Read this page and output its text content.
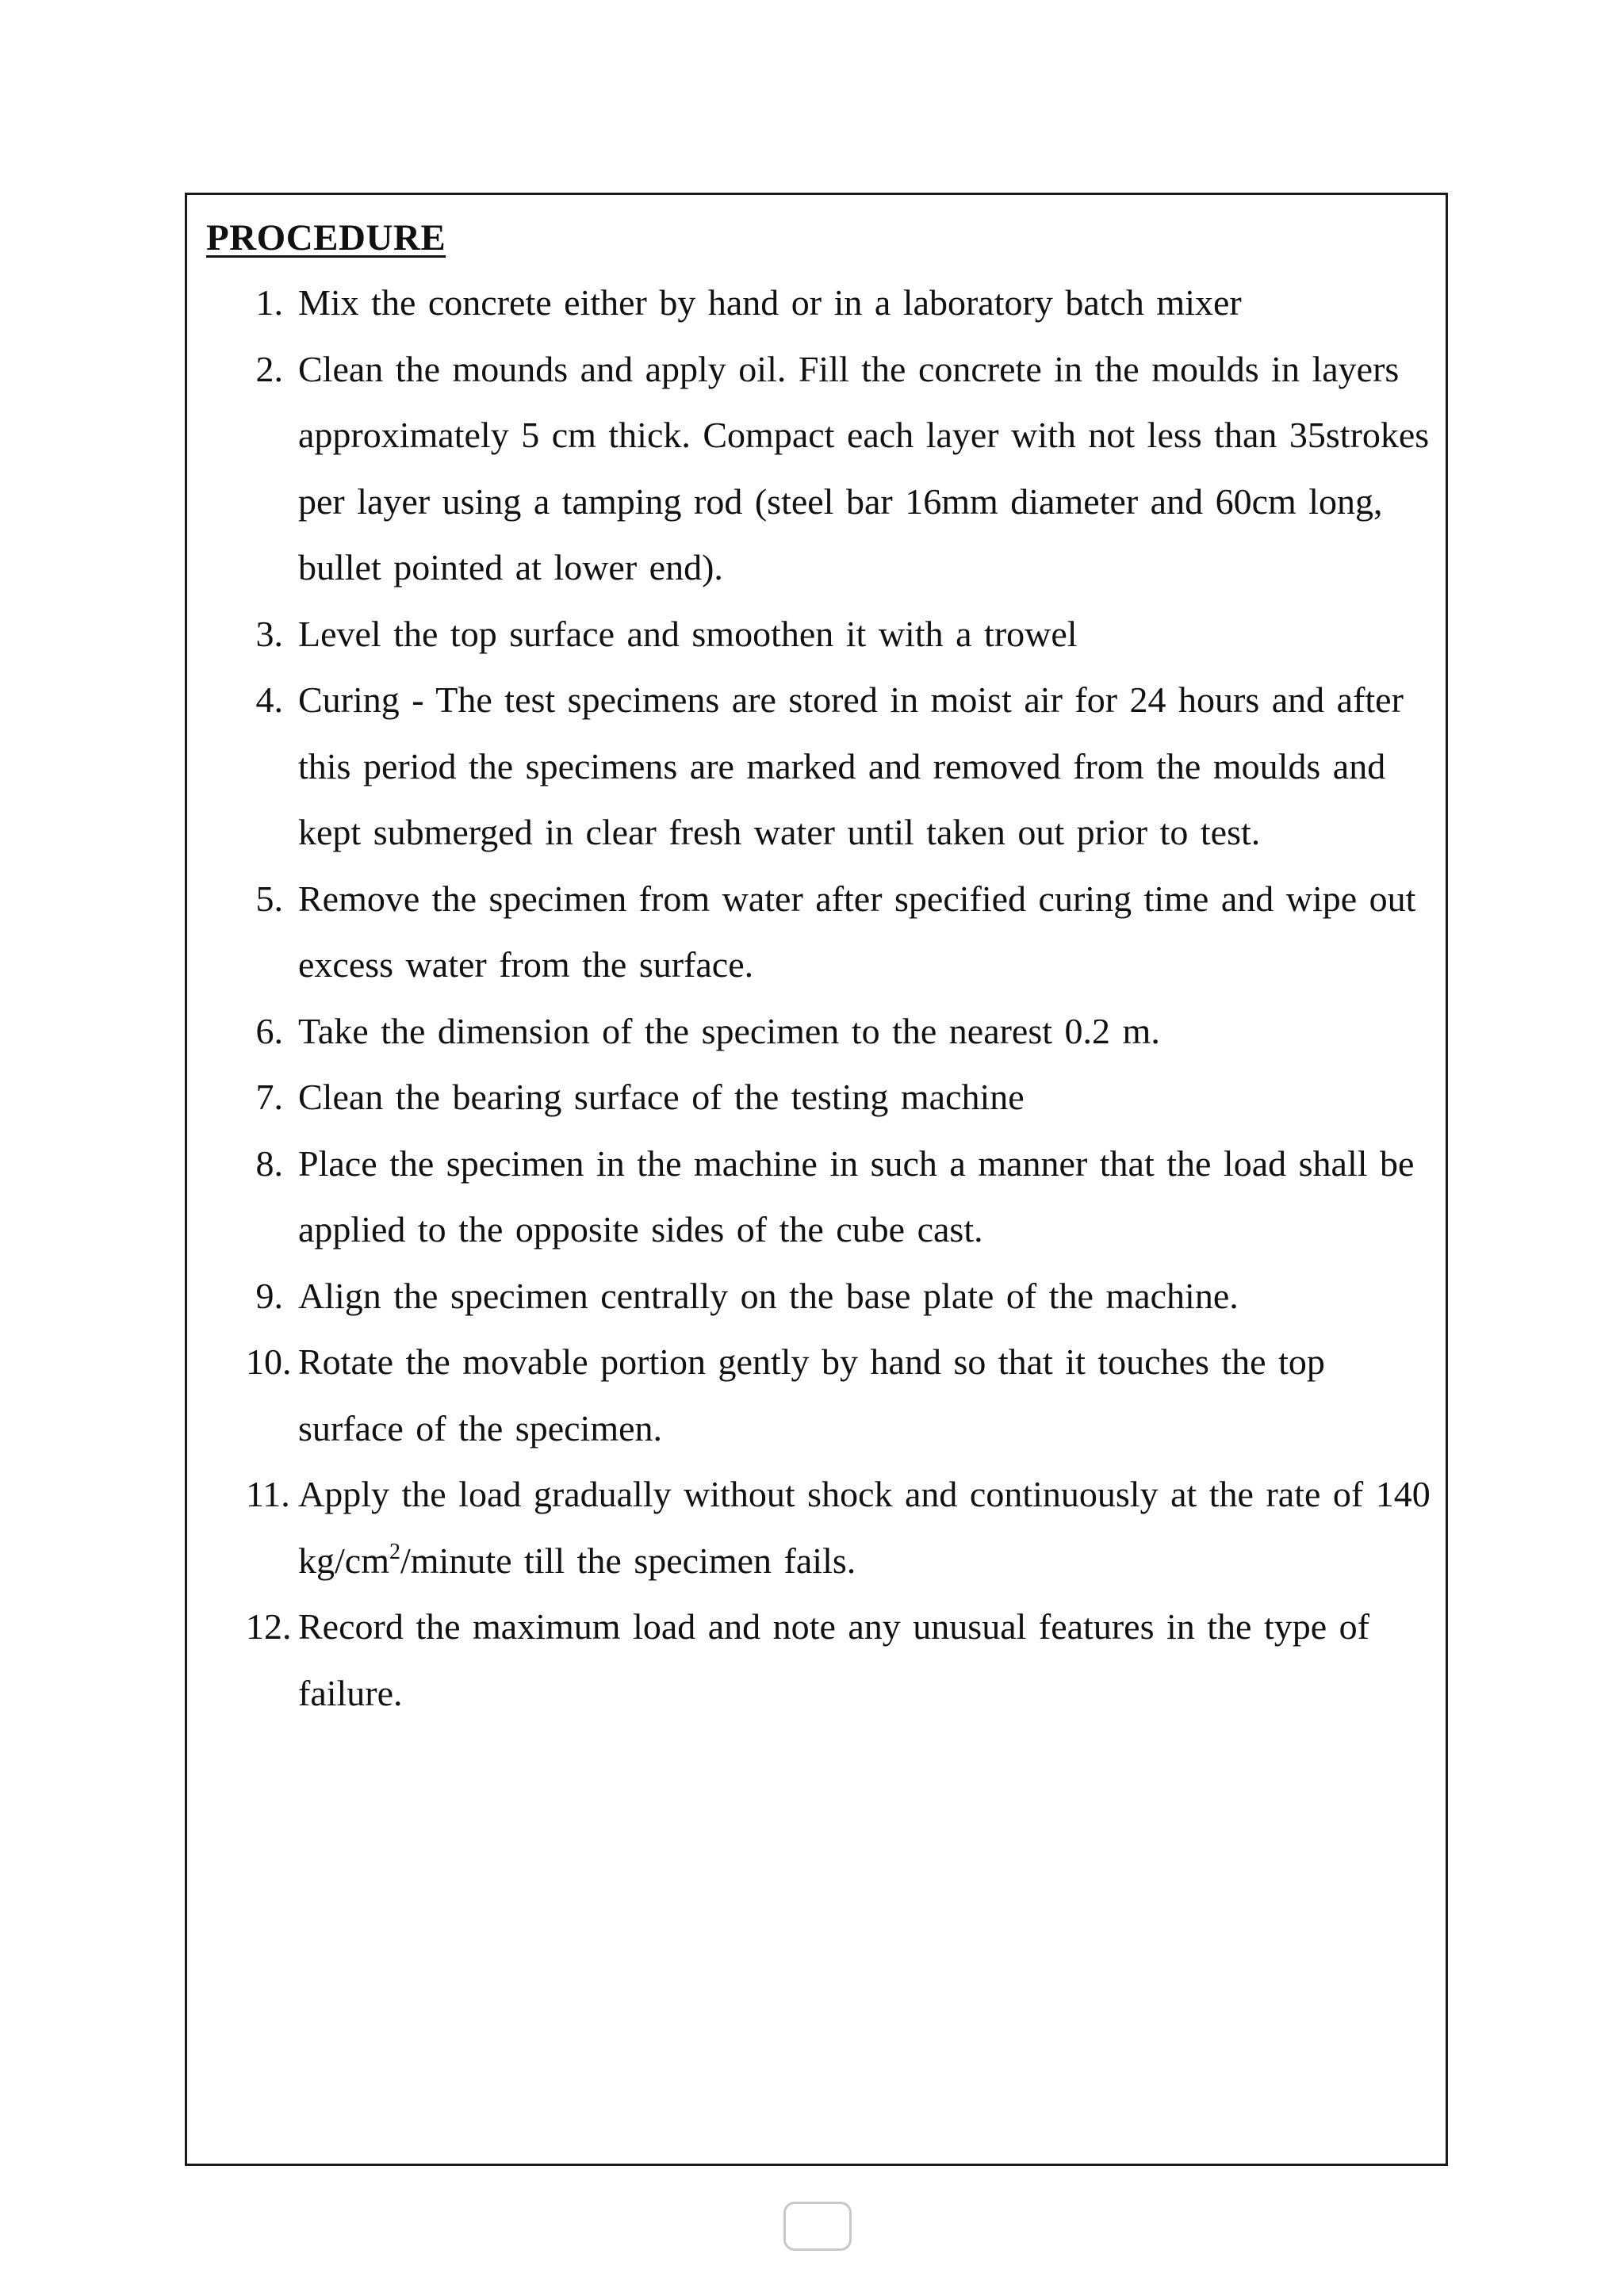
PROCEDURE
1. Mix the concrete either by hand or in a laboratory batch mixer
2. Clean the mounds and apply oil. Fill the concrete in the moulds in layers approximately 5 cm thick. Compact each layer with not less than 35strokes per layer using a tamping rod (steel bar 16mm diameter and 60cm long, bullet pointed at lower end).
3. Level the top surface and smoothen it with a trowel
4. Curing - The test specimens are stored in moist air for 24 hours and after this period the specimens are marked and removed from the moulds and kept submerged in clear fresh water until taken out prior to test.
5. Remove the specimen from water after specified curing time and wipe out excess water from the surface.
6. Take the dimension of the specimen to the nearest 0.2 m.
7. Clean the bearing surface of the testing machine
8. Place the specimen in the machine in such a manner that the load shall be applied to the opposite sides of the cube cast.
9. Align the specimen centrally on the base plate of the machine.
10. Rotate the movable portion gently by hand so that it touches the top surface of the specimen.
11. Apply the load gradually without shock and continuously at the rate of 140 $kg/cm^2$/minute till the specimen fails.
12. Record the maximum load and note any unusual features in the type of failure.
